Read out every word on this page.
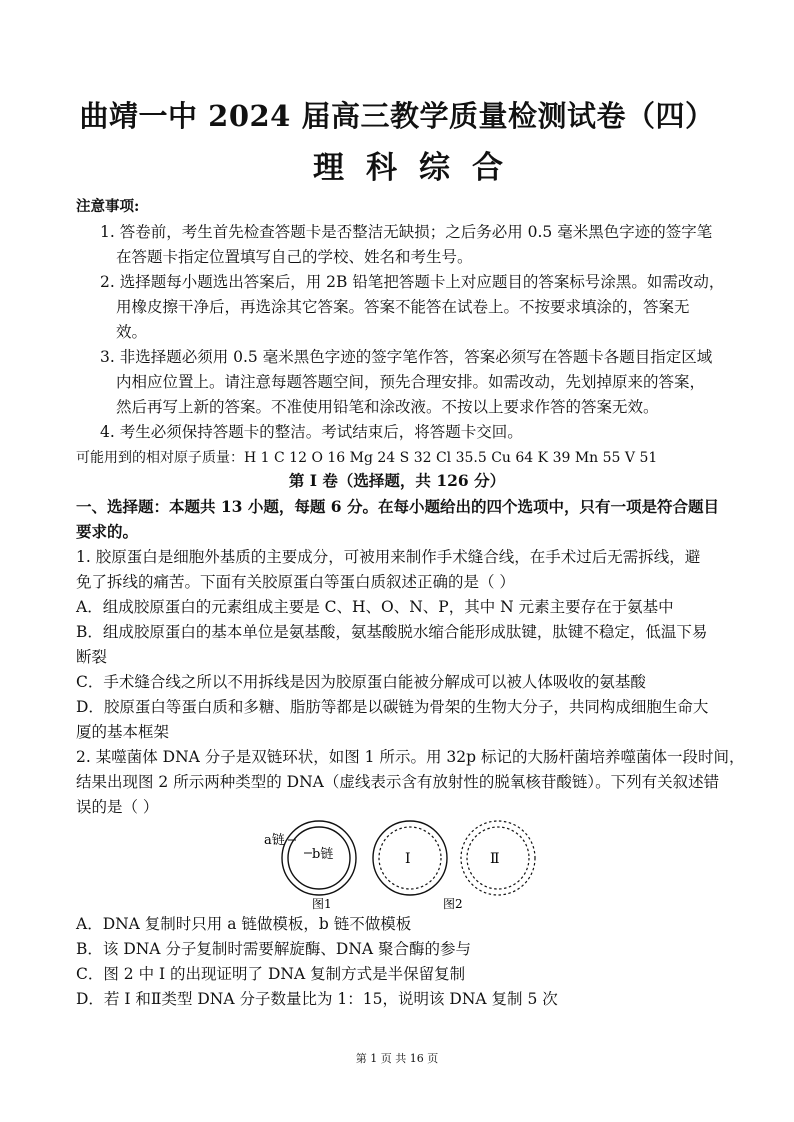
曲靖一中 2024 届高三教学质量检测试卷（四）
理科综合
注意事项:
1. 答卷前，考生首先检查答题卡是否整洁无缺损；之后务必用 0.5 毫米黑色字迹的签字笔
在答题卡指定位置填写自己的学校、姓名和考生号。
2. 选择题每小题选出答案后，用 2B 铅笔把答题卡上对应题目的答案标号涂黑。如需改动，
用橡皮擦干净后，再选涂其它答案。答案不能答在试卷上。不按要求填涂的，答案无
效。
3. 非选择题必须用 0.5 毫米黑色字迹的签字笔作答，答案必须写在答题卡各题目指定区域
内相应位置上。请注意每题答题空间，预先合理安排。如需改动，先划掉原来的答案，
然后再写上新的答案。不准使用铅笔和涂改液。不按以上要求作答的答案无效。
4. 考生必须保持答题卡的整洁。考试结束后，将答题卡交回。
可能用到的相对原子质量：H 1 C 12 O 16 Mg 24 S 32 Cl 35.5 Cu 64 K 39 Mn 55 V 51
第 I 卷（选择题，共 126 分）
一、选择题：本题共 13 小题，每题 6 分。在每小题给出的四个选项中，只有一项是符合题目
要求的。
1. 胶原蛋白是细胞外基质的主要成分，可被用来制作手术缝合线，在手术过后无需拆线，避
免了拆线的痛苦。下面有关胶原蛋白等蛋白质叙述正确的是（ ）
A．组成胶原蛋白的元素组成主要是 C、H、O、N、P，其中 N 元素主要存在于氨基中
B．组成胶原蛋白的基本单位是氨基酸，氨基酸脱水缩合能形成肽键，肽键不稳定，低温下易
断裂
C．手术缝合线之所以不用拆线是因为胶原蛋白能被分解成可以被人体吸收的氨基酸
D．胶原蛋白等蛋白质和多糖、脂肪等都是以碳链为骨架的生物大分子，共同构成细胞生命大
厦的基本框架
2. 某噬菌体 DNA 分子是双链环状，如图 1 所示。用 32p 标记的大肠杆菌培养噬菌体一段时间，
结果出现图 2 所示两种类型的 DNA（虚线表示含有放射性的脱氧核苷酸链）。下列有关叙述错
误的是（ ）
a链
b链
图1
Ⅰ	Ⅱ
图2
A．DNA 复制时只用 a 链做模板，b 链不做模板
B．该 DNA 分子复制时需要解旋酶、DNA 聚合酶的参与
C．图 2 中 I 的出现证明了 DNA 复制方式是半保留复制
D．若 I 和Ⅱ类型 DNA 分子数量比为 1：15，说明该 DNA 复制 5 次
第 1 页 共 16 页
